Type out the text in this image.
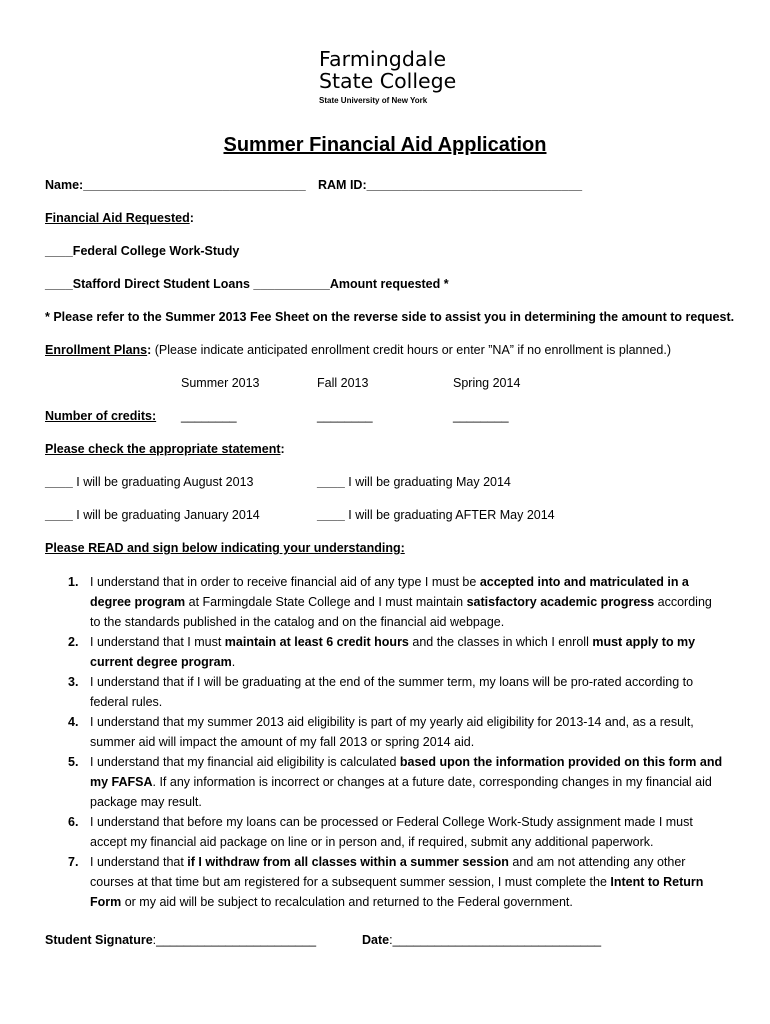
Farmingdale
State College
State University of New York
Summer Financial Aid Application
Name:________________________________ RAM ID:_______________________________
Financial Aid Requested:
____Federal College Work-Study
____Stafford Direct Student Loans ___________Amount requested *
* Please refer to the Summer 2013 Fee Sheet on the reverse side to assist you in determining the amount to request.
Enrollment Plans: (Please indicate anticipated enrollment credit hours or enter ”NA” if no enrollment is planned.)
Summer 2013	Fall 2013	Spring 2014
Number of credits: ________	________	________
Please check the appropriate statement:
____ I will be graduating August 2013	____ I will be graduating May 2014
____ I will be graduating January 2014	____ I will be graduating AFTER May 2014
Please READ and sign below indicating your understanding:
1. I understand that in order to receive financial aid of any type I must be accepted into and matriculated in a degree program at Farmingdale State College and I must maintain satisfactory academic progress according to the standards published in the catalog and on the financial aid webpage.
2. I understand that I must maintain at least 6 credit hours and the classes in which I enroll must apply to my current degree program.
3. I understand that if I will be graduating at the end of the summer term, my loans will be pro-rated according to federal rules.
4. I understand that my summer 2013 aid eligibility is part of my yearly aid eligibility for 2013-14 and, as a result, summer aid will impact the amount of my fall 2013 or spring 2014 aid.
5. I understand that my financial aid eligibility is calculated based upon the information provided on this form and my FAFSA. If any information is incorrect or changes at a future date, corresponding changes in my financial aid package may result.
6. I understand that before my loans can be processed or Federal College Work-Study assignment made I must accept my financial aid package on line or in person and, if required, submit any additional paperwork.
7. I understand that if I withdraw from all classes within a summer session and am not attending any other courses at that time but am registered for a subsequent summer session, I must complete the Intent to Return Form or my aid will be subject to recalculation and returned to the Federal government.
Student Signature:_______________________	Date:______________________________
